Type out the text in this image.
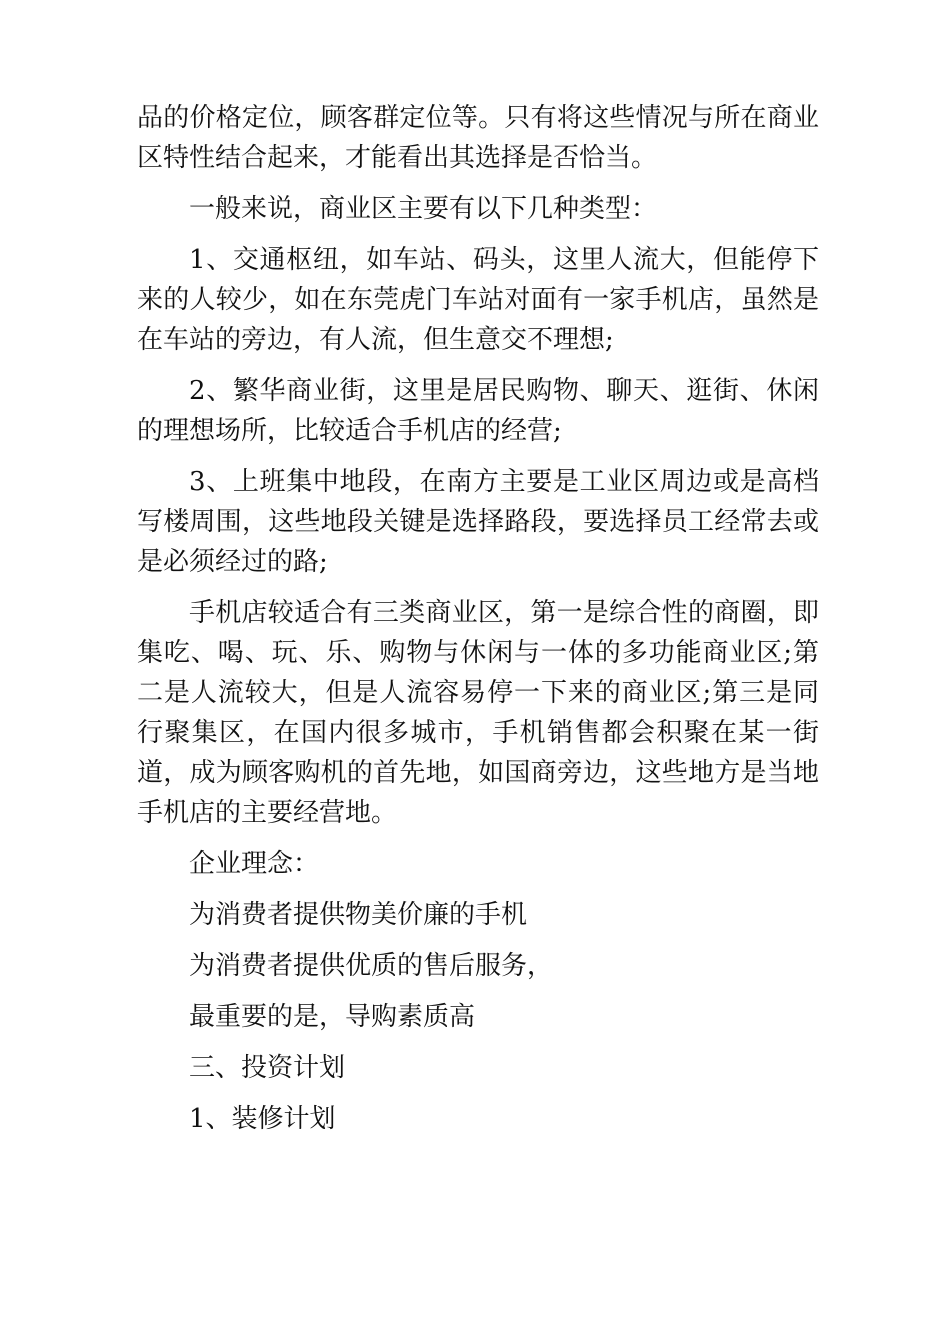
品的价格定位，顾客群定位等。只有将这些情况与所在商业区特性结合起来，才能看出其选择是否恰当。

一般来说，商业区主要有以下几种类型：

1、交通枢纽，如车站、码头，这里人流大，但能停下来的人较少，如在东莞虎门车站对面有一家手机店，虽然是在车站的旁边，有人流，但生意交不理想;

2、繁华商业街，这里是居民购物、聊天、逛街、休闲的理想场所，比较适合手机店的经营;

3、上班集中地段，在南方主要是工业区周边或是高档写楼周围，这些地段关键是选择路段，要选择员工经常去或是必须经过的路;

手机店较适合有三类商业区，第一是综合性的商圈，即集吃、喝、玩、乐、购物与休闲与一体的多功能商业区;第二是人流较大，但是人流容易停一下来的商业区;第三是同行聚集区，在国内很多城市，手机销售都会积聚在某一街道，成为顾客购机的首先地，如国商旁边，这些地方是当地手机店的主要经营地。

企业理念：

为消费者提供物美价廉的手机

为消费者提供优质的售后服务，

最重要的是，导购素质高

三、投资计划

1、装修计划
